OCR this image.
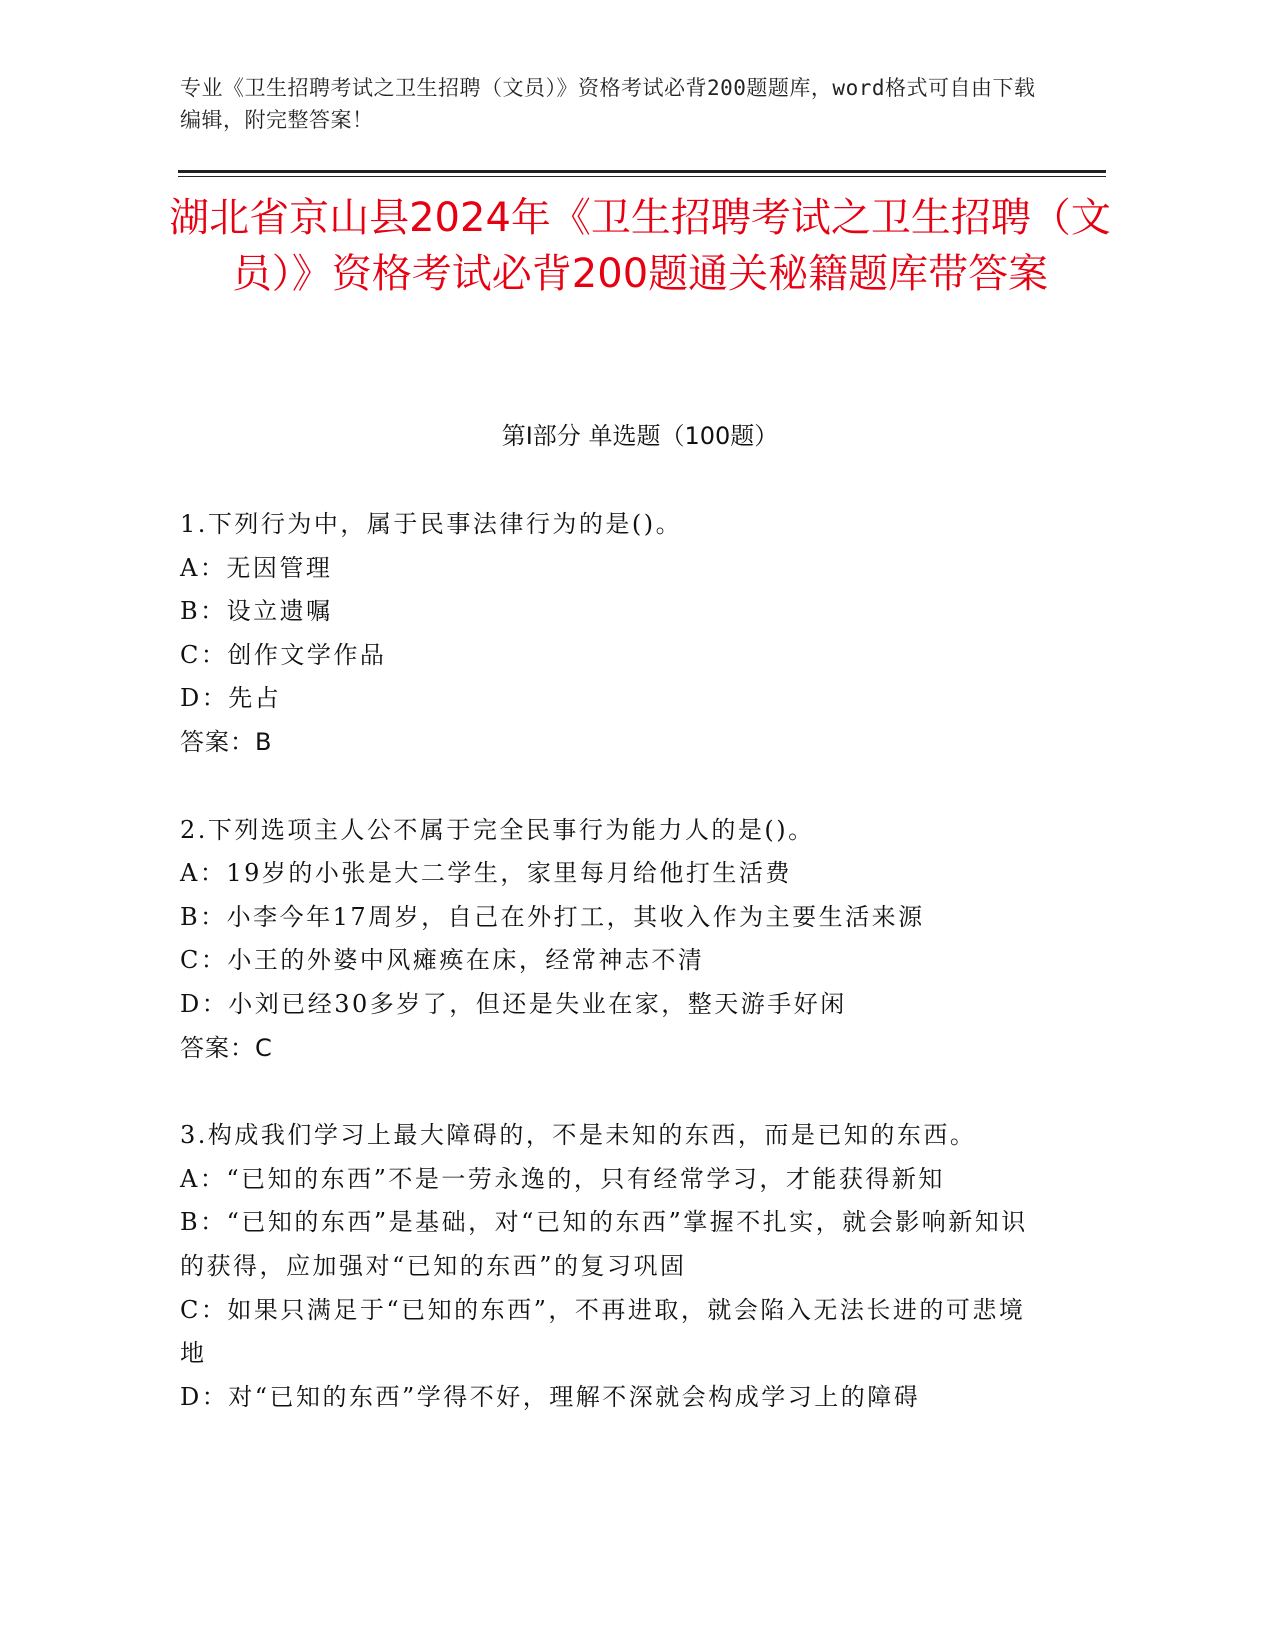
专业《卫生招聘考试之卫生招聘（文员）》资格考试必背200题题库，word格式可自由下载编辑，附完整答案！
湖北省京山县2024年《卫生招聘考试之卫生招聘（文员）》资格考试必背200题通关秘籍题库带答案
第Ⅰ部分 单选题（100题）
1.下列行为中，属于民事法律行为的是()。
A：无因管理
B：设立遗嘱
C：创作文学作品
D：先占
答案：B
2.下列选项主人公不属于完全民事行为能力人的是()。
A：19岁的小张是大二学生，家里每月给他打生活费
B：小李今年17周岁，自己在外打工，其收入作为主要生活来源
C：小王的外婆中风瘫痪在床，经常神志不清
D：小刘已经30多岁了，但还是失业在家，整天游手好闲
答案：C
3.构成我们学习上最大障碍的，不是未知的东西，而是已知的东西。
A：“已知的东西”不是一劳永逸的，只有经常学习，才能获得新知
B：“已知的东西”是基础，对“已知的东西”掌握不扎实，就会影响新知识的获得，应加强对“已知的东西”的复习巩固
C：如果只满足于“已知的东西”，不再进取，就会陷入无法长进的可悲境地
D：对“已知的东西”学得不好，理解不深就会构成学习上的障碍
